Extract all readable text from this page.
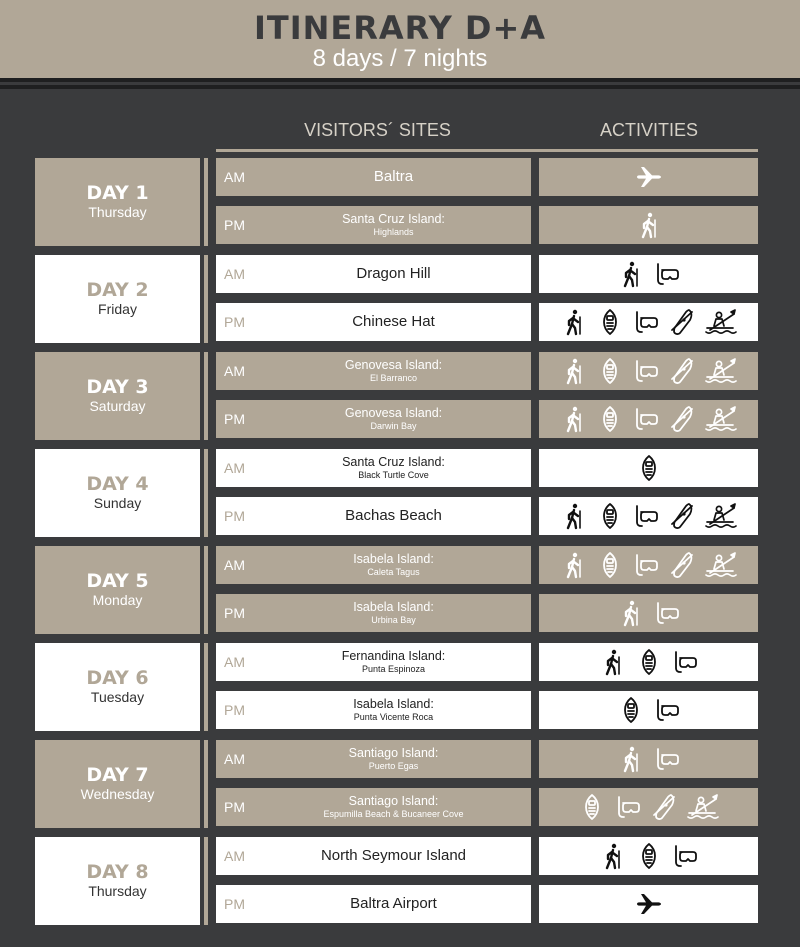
ITINERARY D+A
8 days / 7 nights
VISITORS´ SITES	ACTIVITIES
DAY 1
Thursday
AM	Baltra
PM	Santa Cruz Island:
Highlands
DAY 2
Friday
AM	Dragon Hill
PM	Chinese Hat
DAY 3
Saturday
AM	Genovesa Island:
El Barranco
PM	Genovesa Island:
Darwin Bay
DAY 4
Sunday
AM	Santa Cruz Island:
Black Turtle Cove
PM	Bachas Beach
DAY 5
Monday
AM	Isabela Island:
Caleta Tagus
PM	Isabela Island:
Urbina Bay
DAY 6
Tuesday
AM	Fernandina Island:
Punta Espinoza
PM	Isabela Island:
Punta Vicente Roca
DAY 7
Wednesday
AM	Santiago Island:
Puerto Egas
PM	Santiago Island:
Espumilla Beach & Bucaneer Cove
DAY 8
Thursday
AM	North Seymour Island
PM	Baltra Airport
